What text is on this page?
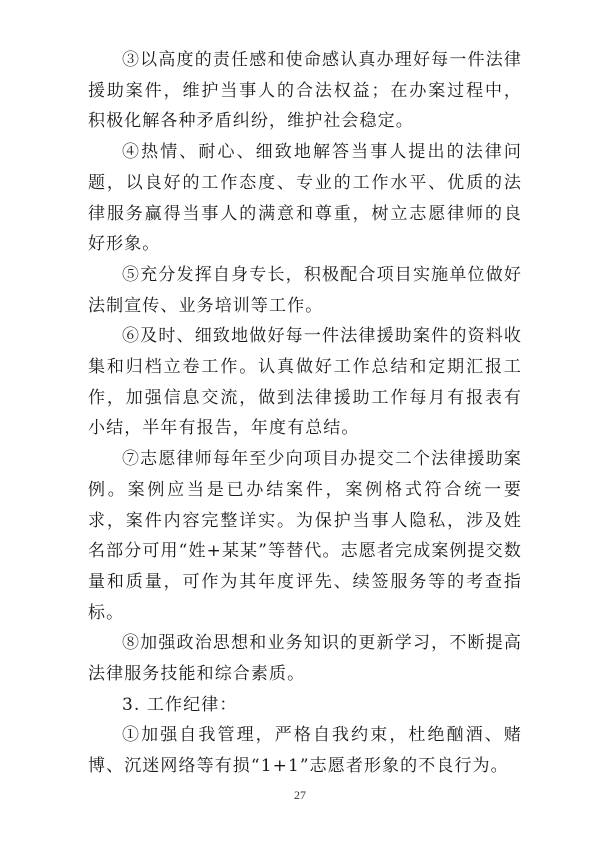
③以高度的责任感和使命感认真办理好每一件法律援助案件，维护当事人的合法权益；在办案过程中，积极化解各种矛盾纠纷，维护社会稳定。

④热情、耐心、细致地解答当事人提出的法律问题，以良好的工作态度、专业的工作水平、优质的法律服务赢得当事人的满意和尊重，树立志愿律师的良好形象。

⑤充分发挥自身专长，积极配合项目实施单位做好法制宣传、业务培训等工作。

⑥及时、细致地做好每一件法律援助案件的资料收集和归档立卷工作。认真做好工作总结和定期汇报工作，加强信息交流，做到法律援助工作每月有报表有小结，半年有报告，年度有总结。

⑦志愿律师每年至少向项目办提交二个法律援助案例。案例应当是已办结案件，案例格式符合统一要求，案件内容完整详实。为保护当事人隐私，涉及姓名部分可用“姓+某某”等替代。志愿者完成案例提交数量和质量，可作为其年度评先、续签服务等的考查指标。

⑧加强政治思想和业务知识的更新学习，不断提高法律服务技能和综合素质。

3. 工作纪律：

①加强自我管理，严格自我约束，杜绝酗酒、赌博、沉迷网络等有损“1+1”志愿者形象的不良行为。

27
